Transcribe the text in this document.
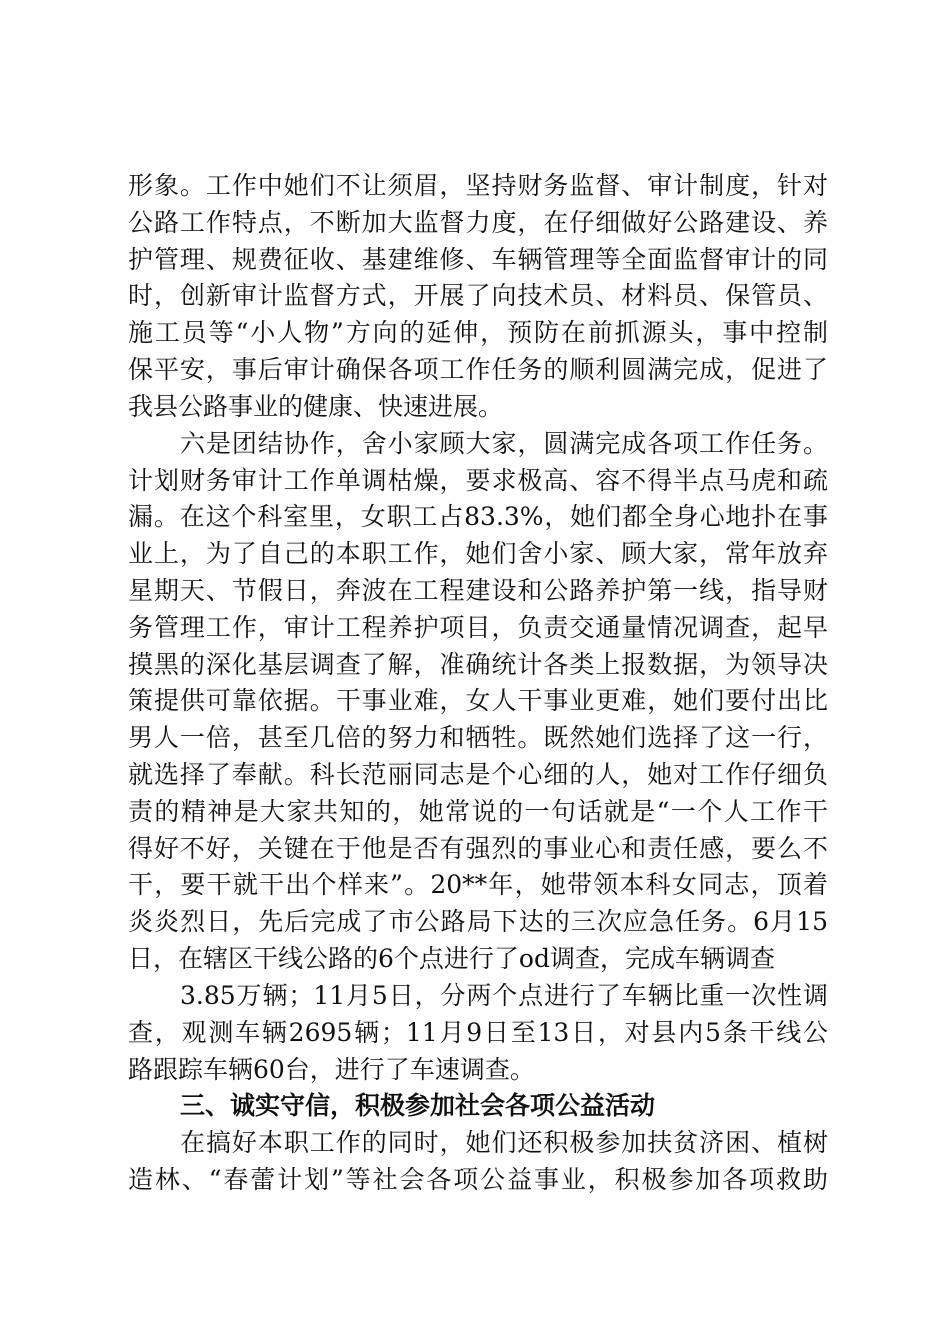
形象。工作中她们不让须眉，坚持财务监督、审计制度，针对
公路工作特点，不断加大监督力度，在仔细做好公路建设、养
护管理、规费征收、基建维修、车辆管理等全面监督审计的同
时，创新审计监督方式，开展了向技术员、材料员、保管员、
施工员等“小人物”方向的延伸，预防在前抓源头，事中控制
保平安，事后审计确保各项工作任务的顺利圆满完成，促进了
我县公路事业的健康、快速进展。
六是团结协作，舍小家顾大家，圆满完成各项工作任务。
计划财务审计工作单调枯燥，要求极高、容不得半点马虎和疏
漏。在这个科室里，女职工占83.3%，她们都全身心地扑在事
业上，为了自己的本职工作，她们舍小家、顾大家，常年放弃
星期天、节假日，奔波在工程建设和公路养护第一线，指导财
务管理工作，审计工程养护项目，负责交通量情况调查，起早
摸黑的深化基层调查了解，准确统计各类上报数据，为领导决
策提供可靠依据。干事业难，女人干事业更难，她们要付出比
男人一倍，甚至几倍的努力和牺牲。既然她们选择了这一行，
就选择了奉献。科长范丽同志是个心细的人，她对工作仔细负
责的精神是大家共知的，她常说的一句话就是“一个人工作干
得好不好，关键在于他是否有强烈的事业心和责任感，要么不
干，要干就干出个样来”。20**年，她带领本科女同志，顶着
炎炎烈日，先后完成了市公路局下达的三次应急任务。6月15
日，在辖区干线公路的6个点进行了od调查，完成车辆调查
3.85万辆；11月5日，分两个点进行了车辆比重一次性调
查，观测车辆2695辆；11月9日至13日，对县内5条干线公
路跟踪车辆60台，进行了车速调查。
三、诚实守信，积极参加社会各项公益活动
在搞好本职工作的同时，她们还积极参加扶贫济困、植树
造林、“春蕾计划”等社会各项公益事业，积极参加各项救助
